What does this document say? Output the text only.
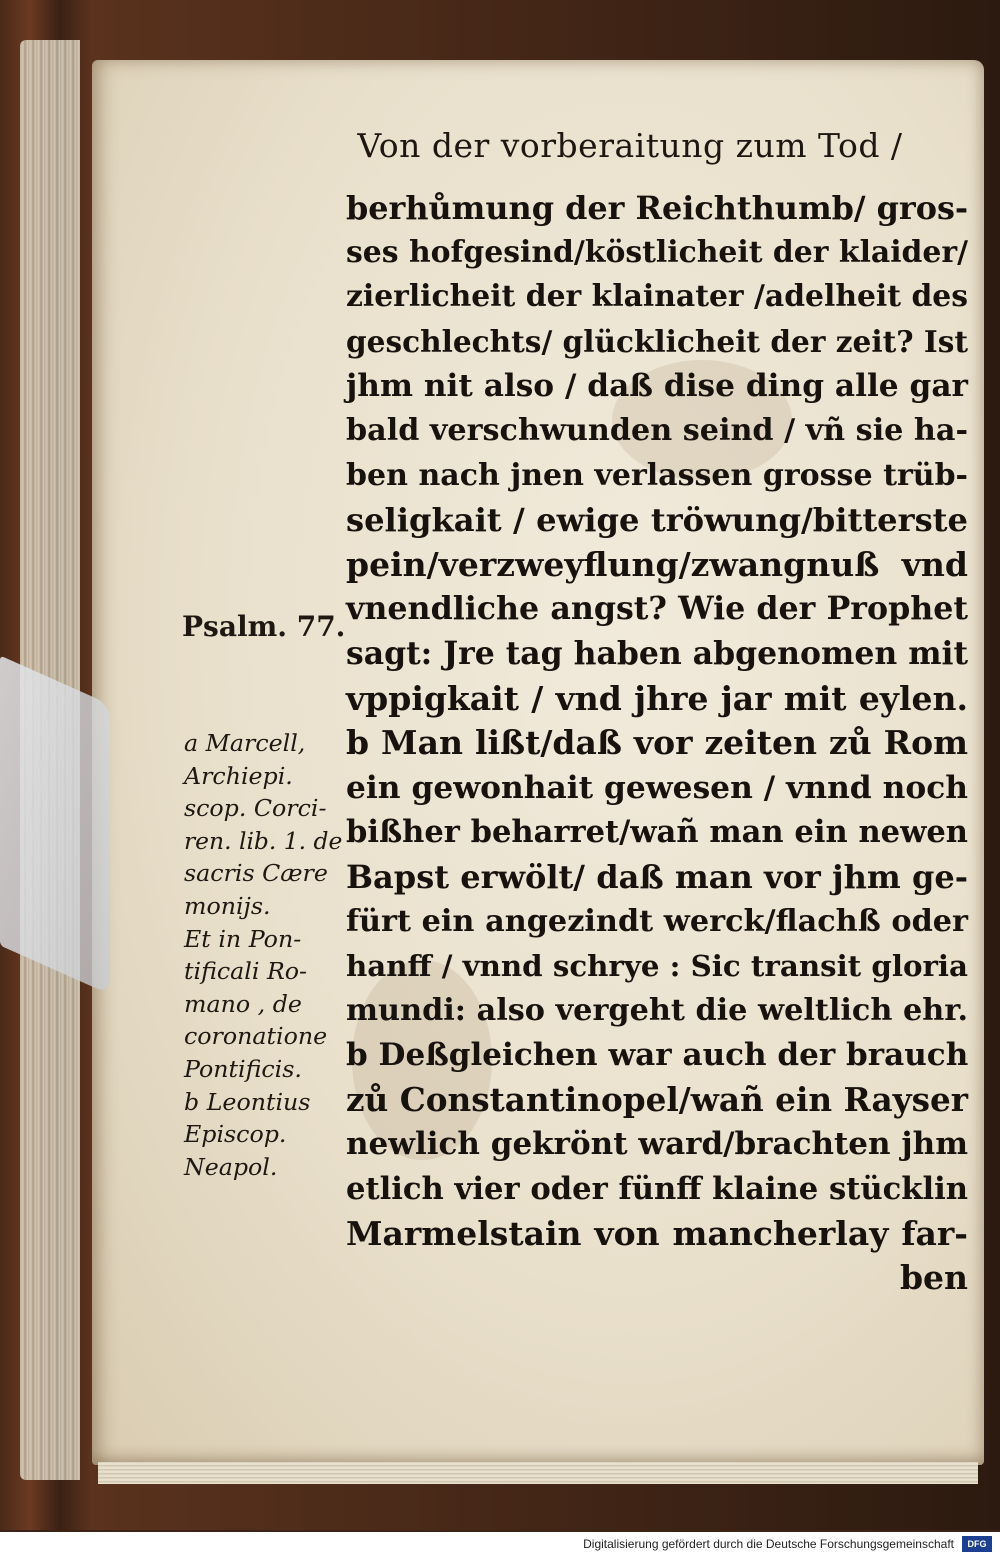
Von der vorberaitung zum Tod /
berhůmung der Reichthumb/ gros-
ses hofgesind/köstlicheit der klaider/
zierlicheit der klainater /adelheit des
geschlechts/ glücklicheit der zeit? Ist
jhm nit also / daß dise ding alle gar
bald verschwunden seind / vñ sie ha-
ben nach jnen verlassen grosse trüb-
seligkait / ewige tröwung/bitterste
pein/verzweyflung/zwangnuß vnd
vnendliche angst? Wie der Prophet
sagt: Jre tag haben abgenomen mit
vppigkait / vnd jhre jar mit eylen.
b Man lißt/daß vor zeiten zů Rom
ein gewonhait gewesen / vnnd noch
bißher beharret/wañ man ein newen
Bapst erwölt/ daß man vor jhm ge-
fürt ein angezindt werck/flachß oder
hanff / vnnd schrye : Sic transit gloria
mundi: also vergeht die weltlich ehr.
b Deßgleichen war auch der brauch
zů Constantinopel/wañ ein Rayser
newlich gekrönt ward/brachten jhm
etlich vier oder fünff klaine stücklin
Marmelstain von mancherlay far-
ben
Psalm. 77.
a Marcell,
Archiepi.
scop. Corci-
ren. lib. 1. de
sacris Cære
monijs.
Et in Pon-
tificali Ro-
mano , de
coronatione
Pontificis.
b Leontius
Episcop.
Neapol.
Digitalisierung gefördert durch die Deutsche Forschungsgemeinschaft	DFG
